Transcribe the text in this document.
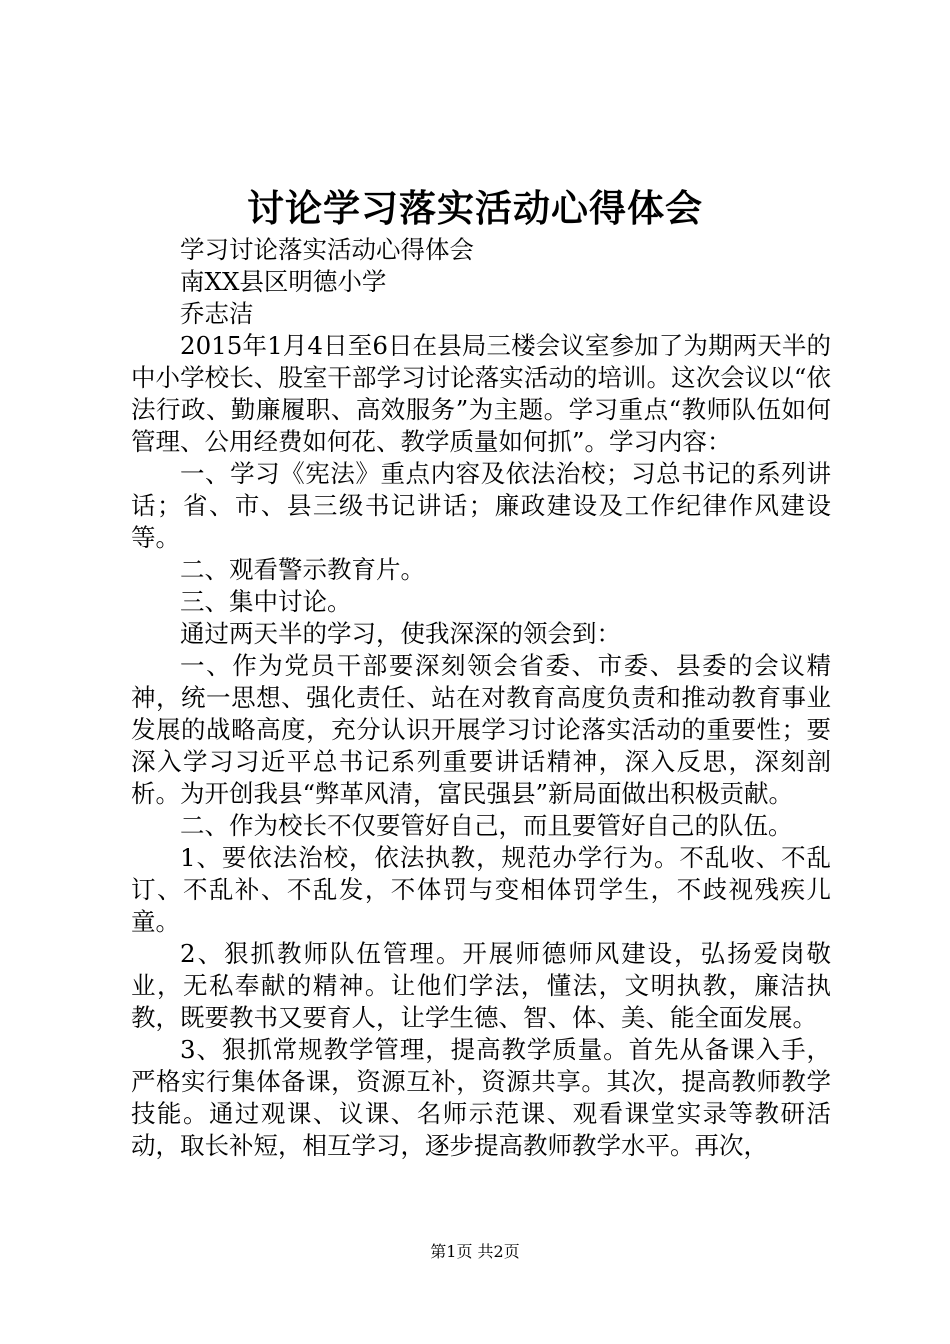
讨论学习落实活动心得体会

学习讨论落实活动心得体会

南XX县区明德小学

乔志洁

2015年1月4日至6日在县局三楼会议室参加了为期两天半的中小学校长、股室干部学习讨论落实活动的培训。这次会议以“依法行政、勤廉履职、高效服务”为主题。学习重点“教师队伍如何管理、公用经费如何花、教学质量如何抓”。学习内容：

一、学习《宪法》重点内容及依法治校；习总书记的系列讲话；省、市、县三级书记讲话；廉政建设及工作纪律作风建设等。

二、观看警示教育片。

三、集中讨论。

通过两天半的学习，使我深深的领会到：

一、作为党员干部要深刻领会省委、市委、县委的会议精神，统一思想、强化责任、站在对教育高度负责和推动教育事业发展的战略高度，充分认识开展学习讨论落实活动的重要性；要深入学习习近平总书记系列重要讲话精神，深入反思，深刻剖析。为开创我县“弊革风清，富民强县”新局面做出积极贡献。

二、作为校长不仅要管好自己，而且要管好自己的队伍。

1、要依法治校，依法执教，规范办学行为。不乱收、不乱订、不乱补、不乱发，不体罚与变相体罚学生，不歧视残疾儿童。

2、狠抓教师队伍管理。开展师德师风建设，弘扬爱岗敬业，无私奉献的精神。让他们学法，懂法，文明执教，廉洁执教，既要教书又要育人，让学生德、智、体、美、能全面发展。

3、狠抓常规教学管理，提高教学质量。首先从备课入手，严格实行集体备课，资源互补，资源共享。其次，提高教师教学技能。通过观课、议课、名师示范课、观看课堂实录等教研活动，取长补短，相互学习，逐步提高教师教学水平。再次，

第1页 共2页
